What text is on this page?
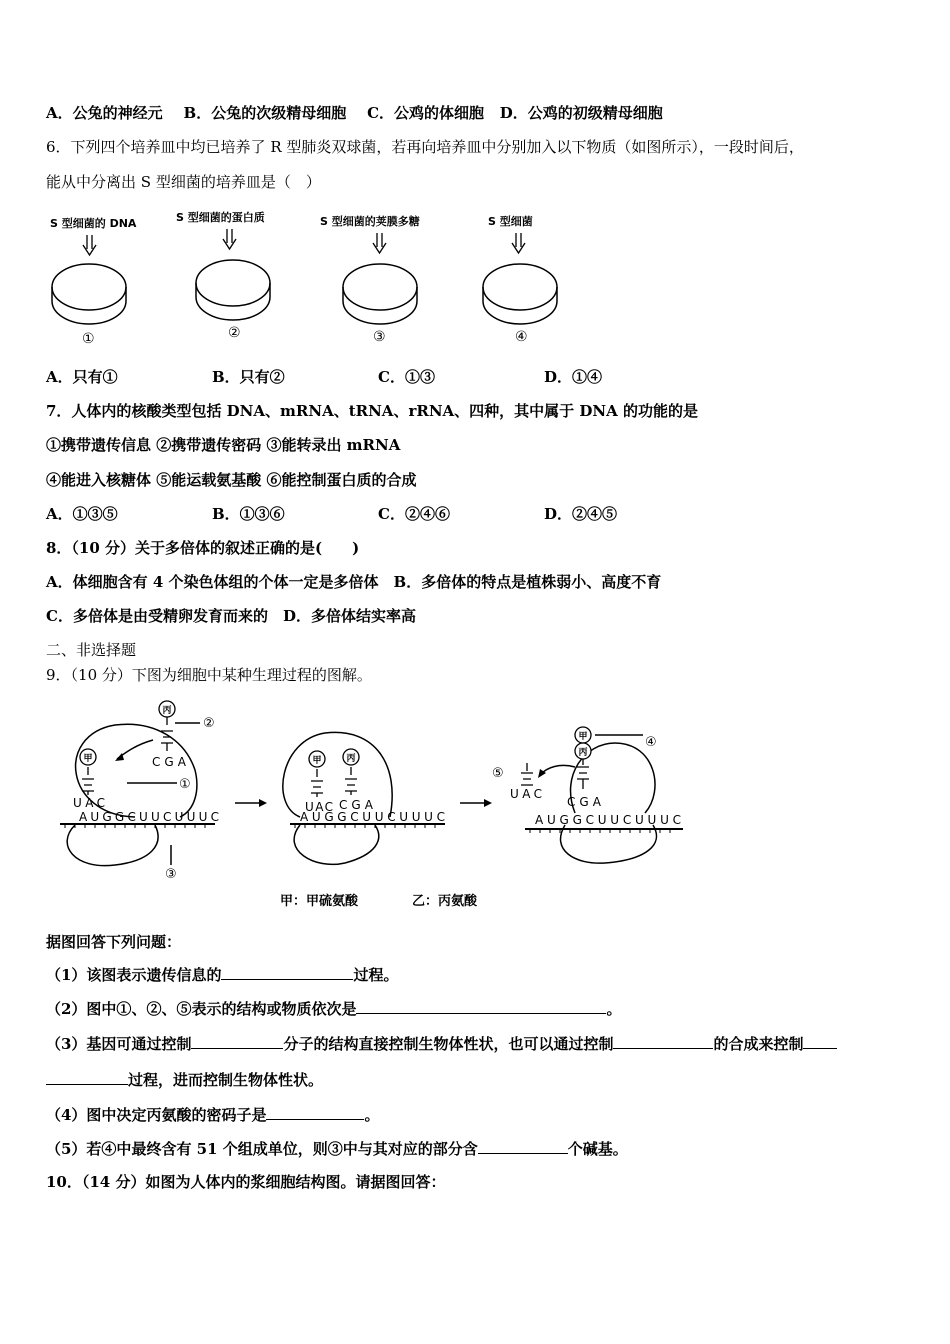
A．公兔的神经元 B．公兔的次级精母细胞 C．公鸡的体细胞 D．公鸡的初级精母细胞
6．下列四个培养皿中均已培养了 R 型肺炎双球菌，若再向培养皿中分别加入以下物质（如图所示），一段时间后，
能从中分离出 S 型细菌的培养皿是（　）
S 型细菌的 DNA	S 型细菌的蛋白质	S 型细菌的荚膜多糖	S 型细菌
①	②	③	④
A．只有①	B．只有②	C．①③	D．①④
7．人体内的核酸类型包括 DNA、mRNA、tRNA、rRNA、四种，其中属于 DNA 的功能的是
①携带遗传信息 ②携带遗传密码 ③能转录出 mRNA
④能进入核糖体 ⑤能运载氨基酸 ⑥能控制蛋白质的合成
A．①③⑤	B．①③⑥	C．②④⑥	D．②④⑤
8．（10 分）关于多倍体的叙述正确的是(　　)
A．体细胞含有 4 个染色体组的个体一定是多倍体　B．多倍体的特点是植株弱小、高度不育
C．多倍体是由受精卵发育而来的　D．多倍体结实率高
二、非选择题
9．（10 分）下图为细胞中某种生理过程的图解。
AUGGCUUCUUUC	AUGGCUUCUUUC	AUGGCUUCUUUC
UAC
CGA
UAC CGA
UAC
CGA
丙
甲	甲	丙
甲
丙
②
①
③
④
⑤
甲：甲硫氨酸	乙：丙氨酸
据图回答下列问题：
（1）该图表示遗传信息的	过程。
（2）图中①、②、⑤表示的结构或物质依次是	。
（3）基因可通过控制	分子的结构直接控制生物体性状，也可以通过控制	的合成来控制
过程，进而控制生物体性状。
（4）图中决定丙氨酸的密码子是	。
（5）若④中最终含有 51 个组成单位，则③中与其对应的部分含	个碱基。
10．（14 分）如图为人体内的浆细胞结构图。请据图回答：
